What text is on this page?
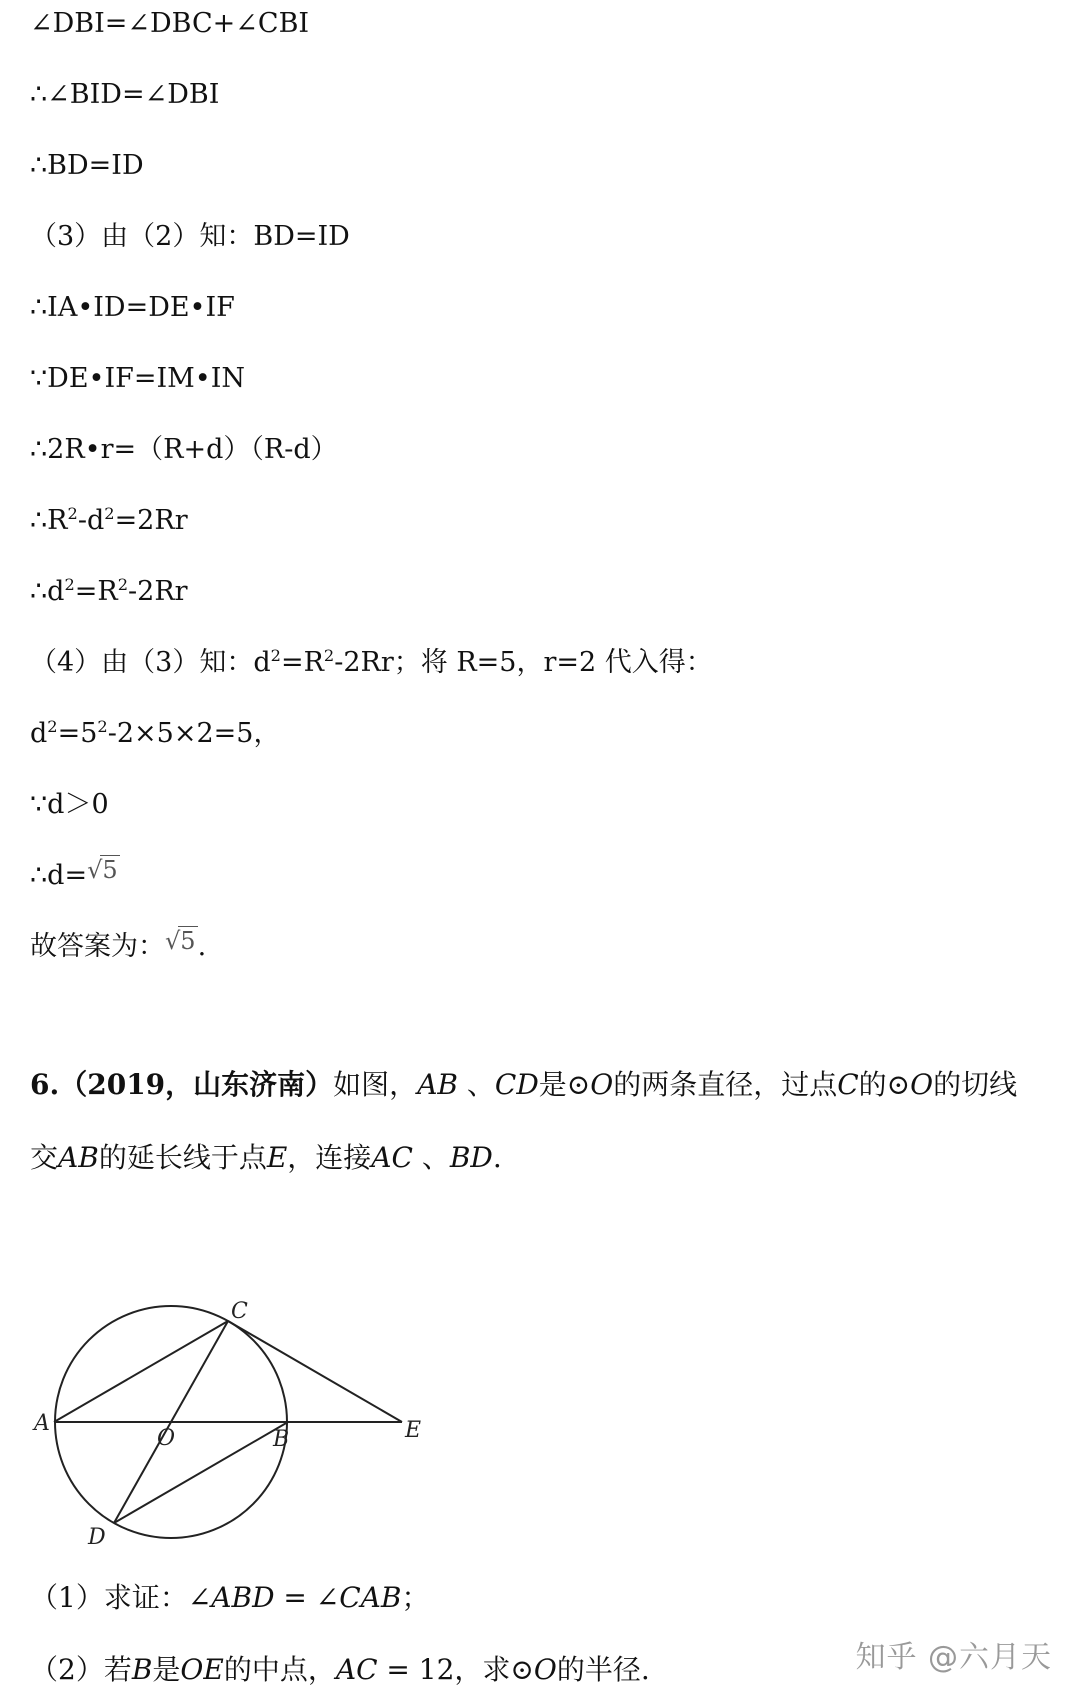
∠DBI=∠DBC+∠CBI
∴∠BID=∠DBI
∴BD=ID
（3）由（2）知：BD=ID
∴IA•ID=DE•IF
∵DE•IF=IM•IN
∴2R•r=（R+d）（R-d）
$\therefore R^2-d^2=2Rr$
$\therefore d^2=R^2-2Rr$
（4）由（3）知：$d^2=R^2-2Rr$；将 R=5，r=2 代入得：
$d^2=5^2-2\times 5\times 2=5$，
∵d＞0
∴d=√5
故答案为：√5.
6.（2019，山东济南）如图，AB 、CD是⊙O的两条直径，过点C的⊙O的切线
交AB的延长线于点E，连接AC 、BD.
A
C
O	B	E
D
（1）求证：∠ABD = ∠CAB；
（2）若B是OE的中点，AC = 12，求⊙O的半径.	知乎 @六月天
